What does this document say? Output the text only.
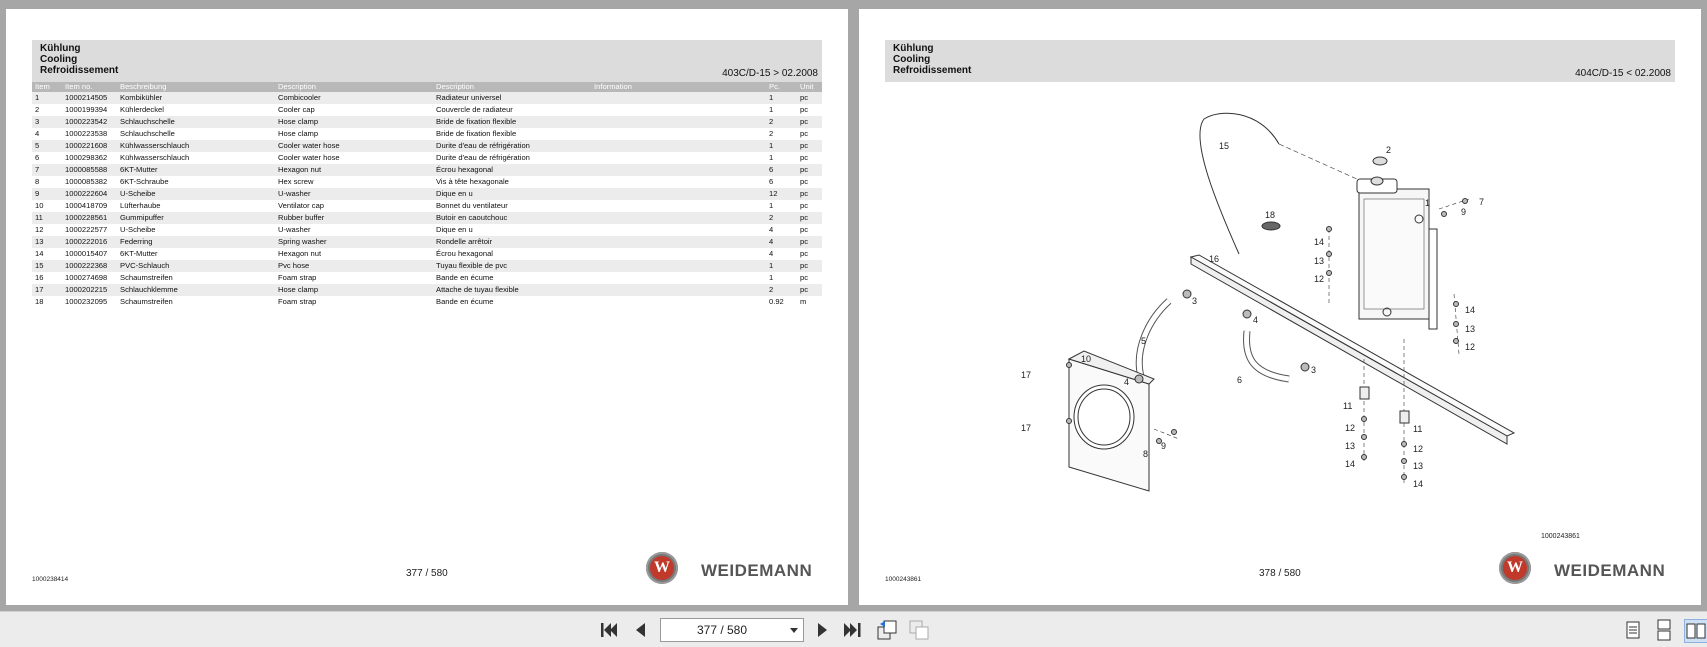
Kühlung
Cooling
Refroidissement	403C/D-15 > 02.2008
Item	Item no.	Beschreibung	Description	Description	Information	Pc.	Unit
1	1000214505	Kombikühler	Combicooler	Radiateur universel		1	pc
2	1000199394	Kühlerdeckel	Cooler cap	Couvercle de radiateur		1	pc
3	1000223542	Schlauchschelle	Hose clamp	Bride de fixation flexible		2	pc
4	1000223538	Schlauchschelle	Hose clamp	Bride de fixation flexible		2	pc
5	1000221608	Kühlwasserschlauch	Cooler water hose	Durite d'eau de réfrigération		1	pc
6	1000298362	Kühlwasserschlauch	Cooler water hose	Durite d'eau de réfrigération		1	pc
7	1000085588	6KT-Mutter	Hexagon nut	Écrou hexagonal		6	pc
8	1000085382	6KT-Schraube	Hex screw	Vis à tête hexagonale		6	pc
9	1000222604	U-Scheibe	U-washer	Dique en u		12	pc
10	1000418709	Lüfterhaube	Ventilator cap	Bonnet du ventilateur		1	pc
11	1000228561	Gummipuffer	Rubber buffer	Butoir en caoutchouc		2	pc
12	1000222577	U-Scheibe	U-washer	Dique en u		4	pc
13	1000222016	Federring	Spring washer	Rondelle arrêtoir		4	pc
14	1000015407	6KT-Mutter	Hexagon nut	Écrou hexagonal		4	pc
15	1000222368	PVC-Schlauch	Pvc hose	Tuyau flexible de pvc		1	pc
16	1000274698	Schaumstreifen	Foam strap	Bande en écume		1	pc
17	1000202215	Schlauchklemme	Hose clamp	Attache de tuyau flexible		2	pc
18	1000232095	Schaumstreifen	Foam strap	Bande en écume		0.92	m
1000238414
377 / 580	W WEIDEMANN
Kühlung
Cooling
Refroidissement	404C/D-15 < 02.2008
15	2
1
9
7
18
14
13
12
16
3
4
5
14
13
12
10
17
4	6
3
11
12
13
14
17
9
8
11
12
13
14
1000243861
1000243861
378 / 580	W WEIDEMANN
377 / 580
